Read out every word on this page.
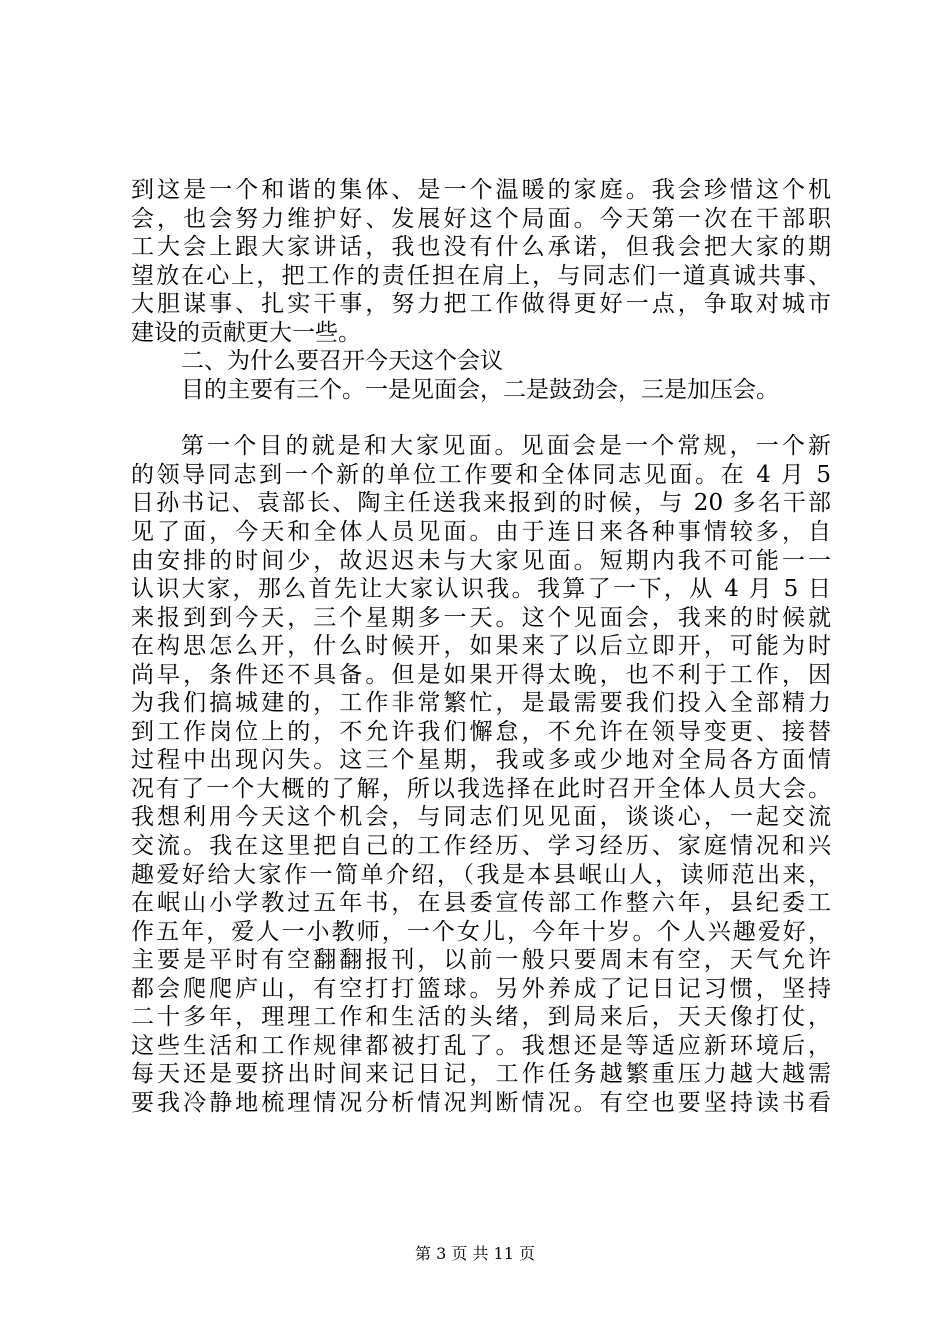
到这是一个和谐的集体、是一个温暖的家庭。我会珍惜这个机
会，也会努力维护好、发展好这个局面。今天第一次在干部职
工大会上跟大家讲话，我也没有什么承诺，但我会把大家的期
望放在心上，把工作的责任担在肩上，与同志们一道真诚共事、
大胆谋事、扎实干事，努力把工作做得更好一点，争取对城市
建设的贡献更大一些。
二、为什么要召开今天这个会议
目的主要有三个。一是见面会，二是鼓劲会，三是加压会。
第一个目的就是和大家见面。见面会是一个常规，一个新
的领导同志到一个新的单位工作要和全体同志见面。在 4 月 5
日孙书记、袁部长、陶主任送我来报到的时候，与 20 多名干部
见了面，今天和全体人员见面。由于连日来各种事情较多，自
由安排的时间少，故迟迟未与大家见面。短期内我不可能一一
认识大家，那么首先让大家认识我。我算了一下，从 4 月 5 日
来报到到今天，三个星期多一天。这个见面会，我来的时候就
在构思怎么开，什么时候开，如果来了以后立即开，可能为时
尚早，条件还不具备。但是如果开得太晚，也不利于工作，因
为我们搞城建的，工作非常繁忙，是最需要我们投入全部精力
到工作岗位上的，不允许我们懈怠，不允许在领导变更、接替
过程中出现闪失。这三个星期，我或多或少地对全局各方面情
况有了一个大概的了解，所以我选择在此时召开全体人员大会。
我想利用今天这个机会，与同志们见见面，谈谈心，一起交流
交流。我在这里把自己的工作经历、学习经历、家庭情况和兴
趣爱好给大家作一简单介绍，（我是本县岷山人，读师范出来，
在岷山小学教过五年书，在县委宣传部工作整六年，县纪委工
作五年，爱人一小教师，一个女儿，今年十岁。个人兴趣爱好，
主要是平时有空翻翻报刊，以前一般只要周末有空，天气允许
都会爬爬庐山，有空打打篮球。另外养成了记日记习惯，坚持
二十多年，理理工作和生活的头绪，到局来后，天天像打仗，
这些生活和工作规律都被打乱了。我想还是等适应新环境后，
每天还是要挤出时间来记日记，工作任务越繁重压力越大越需
要我冷静地梳理情况分析情况判断情况。有空也要坚持读书看
第 3 页 共 11 页
